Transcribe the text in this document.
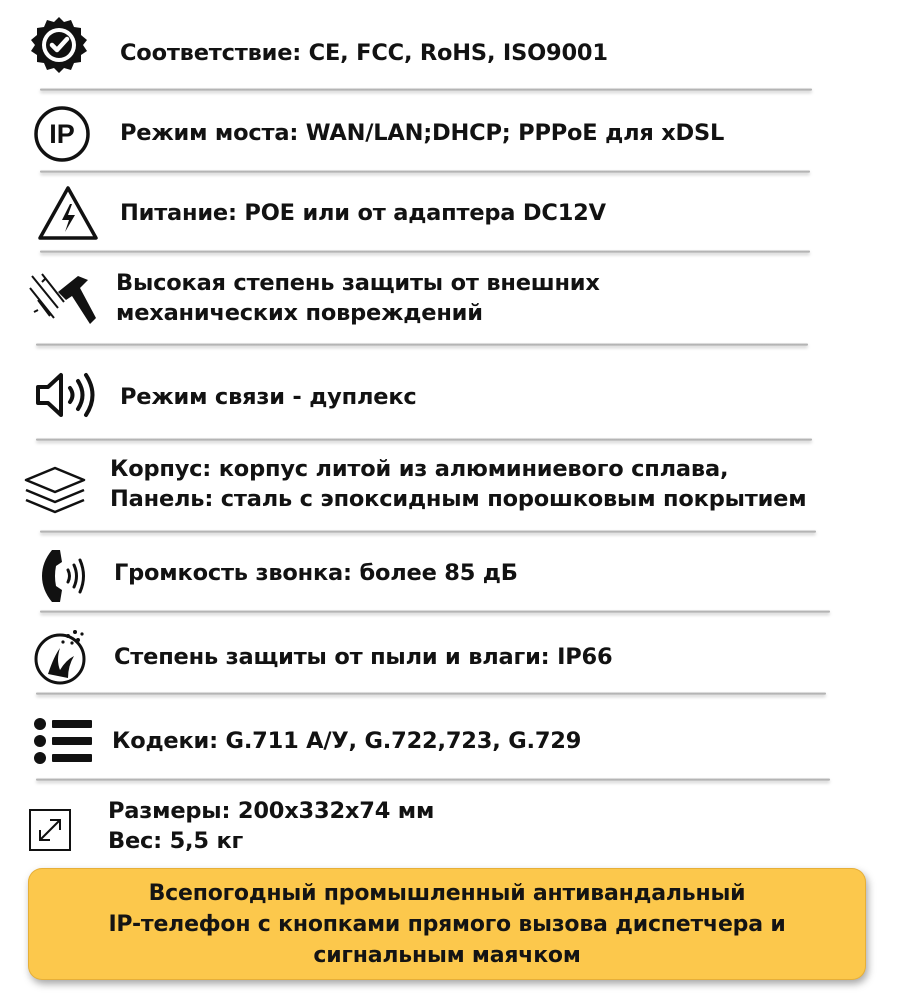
Соответствие: CE, FCC, RoHS, ISO9001
IP Режим моста: WAN/LAN;DHCP; PPPoE для xDSL
Питание: POE или от адаптера DC12V
Высокая степень защиты от внешних
механических повреждений
Режим связи - дуплекс
Корпус: корпус литой из алюминиевого сплава,
Панель: сталь с эпоксидным порошковым покрытием
Громкость звонка: более 85 дБ
Степень защиты от пыли и влаги: IP66
Кодеки: G.711 А/У, G.722,723, G.729
Размеры: 200x332x74 мм
Вес: 5,5 кг
Всепогодный промышленный антивандальный
IP-телефон с кнопками прямого вызова диспетчера и
сигнальным маячком
